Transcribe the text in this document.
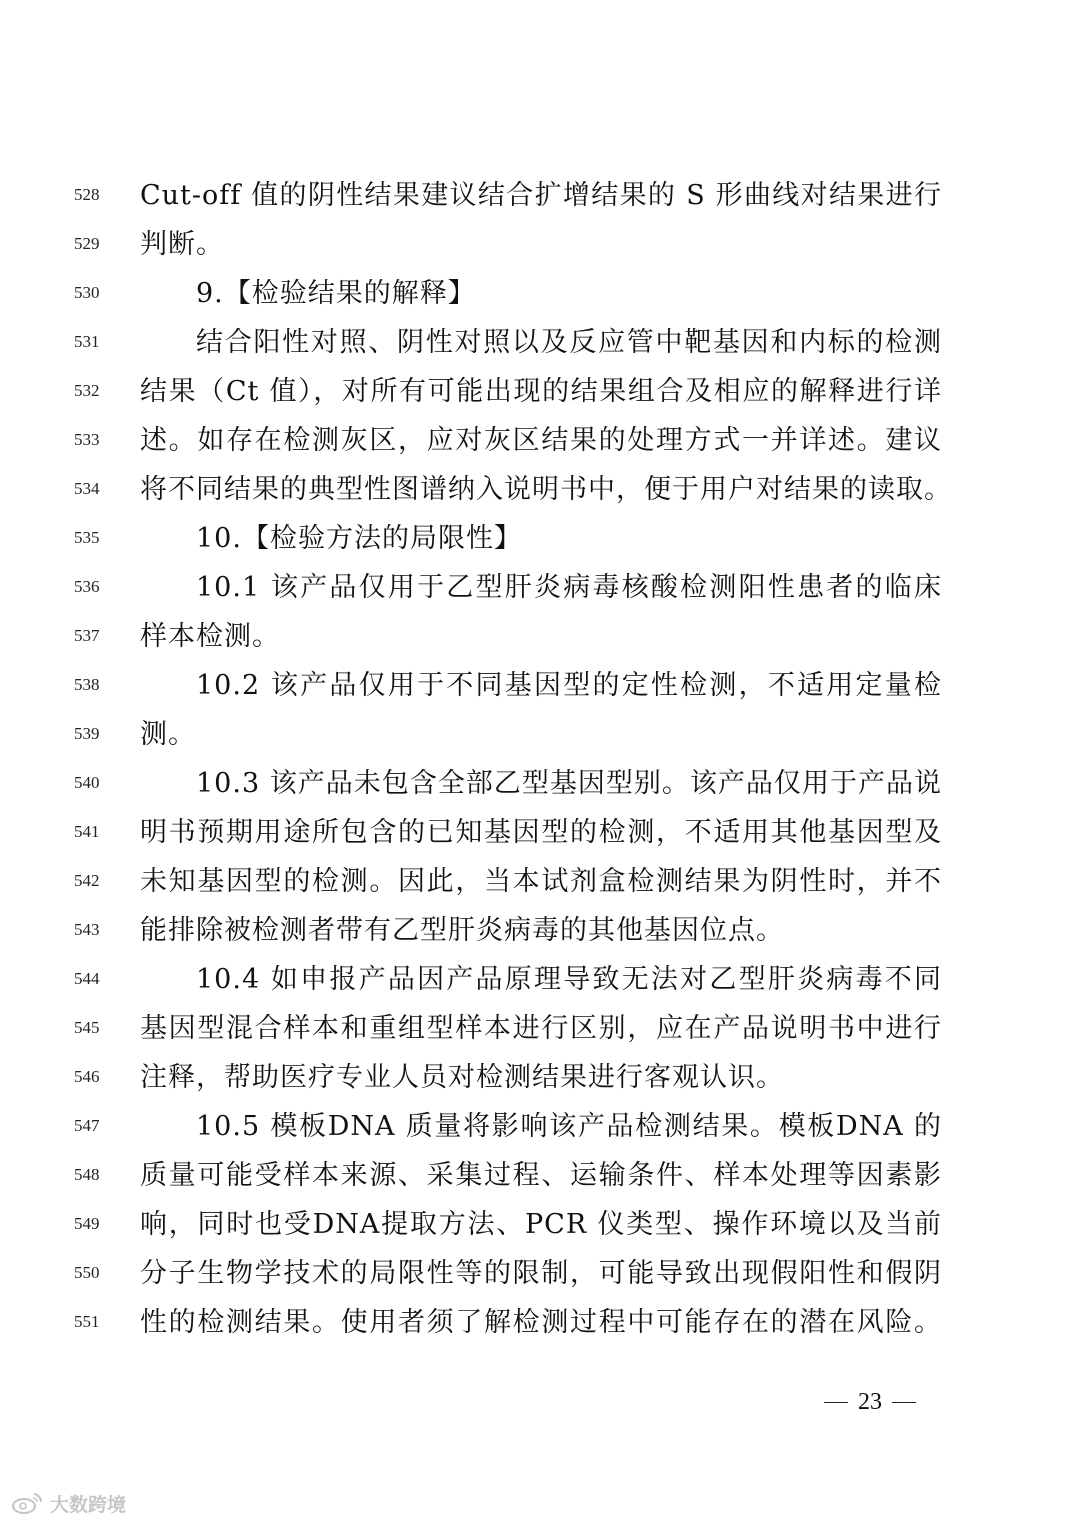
528	Cut-off 值的阴性结果建议结合扩增结果的 S 形曲线对结果进行
529	判断。
530	9.【检验结果的解释】
531	结合阳性对照、阴性对照以及反应管中靶基因和内标的检测
532	结果（Ct 值），对所有可能出现的结果组合及相应的解释进行详
533	述。如存在检测灰区，应对灰区结果的处理方式一并详述。建议
534	将不同结果的典型性图谱纳入说明书中，便于用户对结果的读取。
535	10.【检验方法的局限性】
536	10.1 该产品仅用于乙型肝炎病毒核酸检测阳性患者的临床
537	样本检测。
538	10.2 该产品仅用于不同基因型的定性检测，不适用定量检
539	测。
540	10.3 该产品未包含全部乙型基因型别。该产品仅用于产品说
541	明书预期用途所包含的已知基因型的检测，不适用其他基因型及
542	未知基因型的检测。因此，当本试剂盒检测结果为阴性时，并不
543	能排除被检测者带有乙型肝炎病毒的其他基因位点。
544	10.4 如申报产品因产品原理导致无法对乙型肝炎病毒不同
545	基因型混合样本和重组型样本进行区别，应在产品说明书中进行
546	注释，帮助医疗专业人员对检测结果进行客观认识。
547	10.5 模板DNA 质量将影响该产品检测结果。模板DNA 的
548	质量可能受样本来源、采集过程、运输条件、样本处理等因素影
549	响，同时也受DNA提取方法、PCR 仪类型、操作环境以及当前
550	分子生物学技术的局限性等的限制，可能导致出现假阳性和假阴
551	性的检测结果。使用者须了解检测过程中可能存在的潜在风险。
23
大数跨境
